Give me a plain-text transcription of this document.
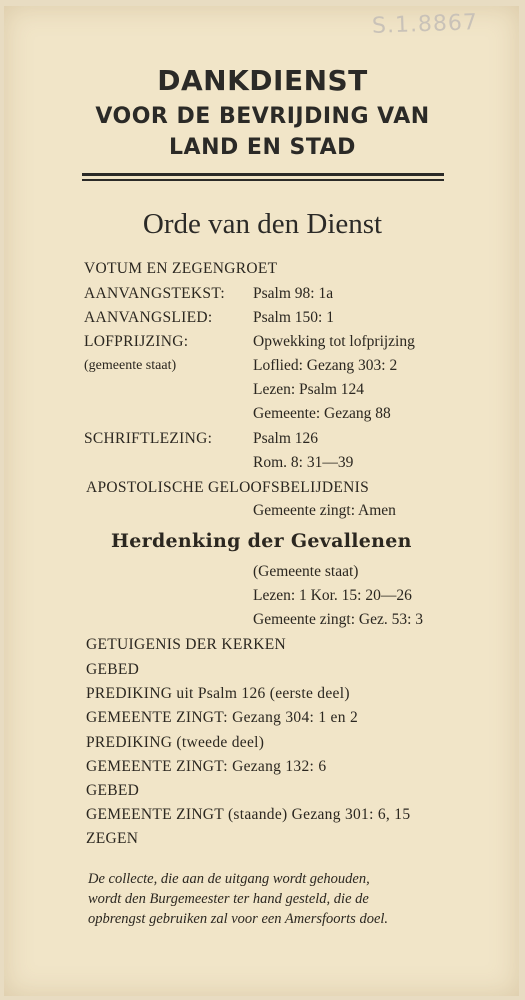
S.1.8867
DANKDIENST
VOOR DE BEVRIJDING VAN
LAND EN STAD
Orde van den Dienst
VOTUM EN ZEGENGROET
AANVANGSTEKST: Psalm 98: 1a
AANVANGSLIED:	Psalm 150: 1
LOFPRIJZING:	Opwekking tot lofprijzing
(gemeente staat)	Loflied: Gezang 303: 2
Lezen: Psalm 124
Gemeente: Gezang 88
SCHRIFTLEZING:	Psalm 126
Rom. 8: 31—39
APOSTOLISCHE GELOOFSBELIJDENIS
Gemeente zingt: Amen
Herdenking der Gevallenen
(Gemeente staat)
Lezen: 1 Kor. 15: 20—26
Gemeente zingt: Gez. 53: 3
GETUIGENIS DER KERKEN
GEBED
PREDIKING uit Psalm 126 (eerste deel)
GEMEENTE ZINGT: Gezang 304: 1 en 2
PREDIKING (tweede deel)
GEMEENTE ZINGT: Gezang 132: 6
GEBED
GEMEENTE ZINGT (staande) Gezang 301: 6, 15
ZEGEN
De collecte, die aan de uitgang wordt gehouden,
wordt den Burgemeester ter hand gesteld, die de
opbrengst gebruiken zal voor een Amersfoorts doel.
